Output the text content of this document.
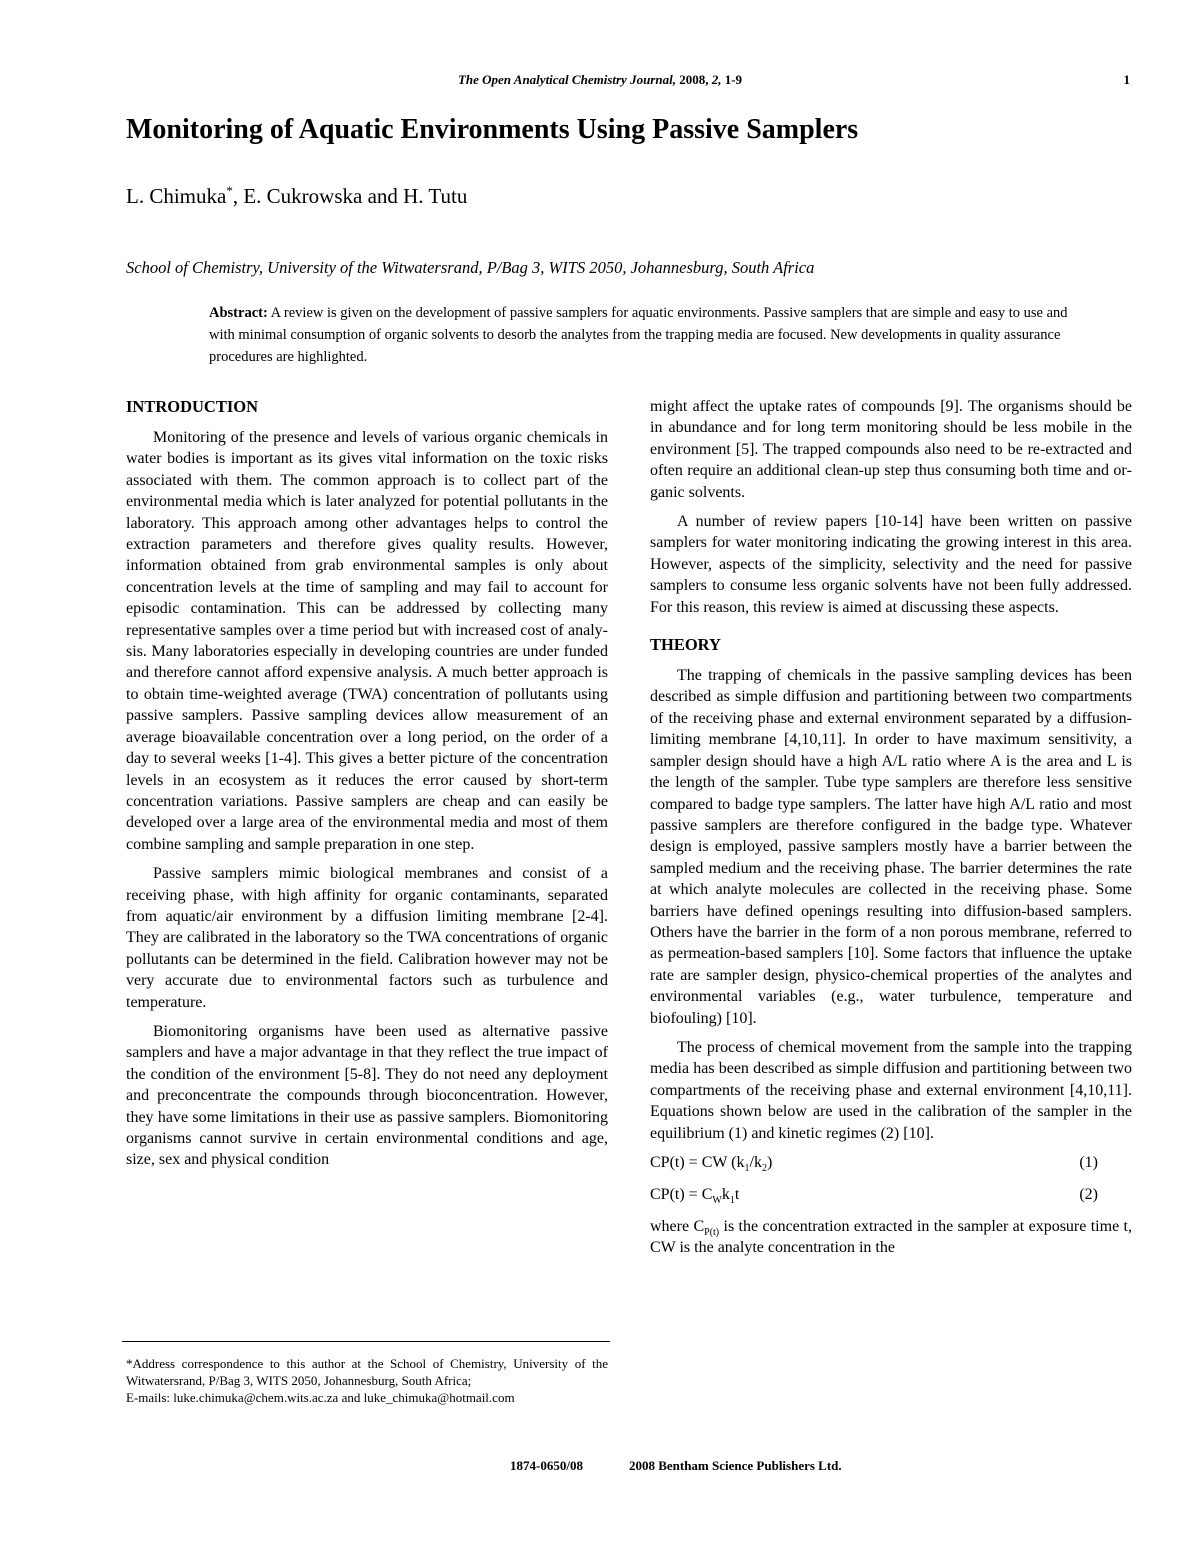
The Open Analytical Chemistry Journal, 2008, 2, 1-9	1
Monitoring of Aquatic Environments Using Passive Samplers
L. Chimuka*, E. Cukrowska and H. Tutu
School of Chemistry, University of the Witwatersrand, P/Bag 3, WITS 2050, Johannesburg, South Africa
Abstract: A review is given on the development of passive samplers for aquatic environments. Passive samplers that are simple and easy to use and with minimal consumption of organic solvents to desorb the analytes from the trapping media are focused. New developments in quality assurance procedures are highlighted.
INTRODUCTION

Monitoring of the presence and levels of various organic chemicals in water bodies is important as its gives vital information on the toxic risks associated with them. The common approach is to collect part of the environmental media which is later analyzed for potential pollutants in the laboratory. This approach among other advantages helps to control the extraction parameters and therefore gives quality results. However, information obtained from grab environmental samples is only about concentration levels at the time of sampling and may fail to account for episodic contamination. This can be addressed by collecting many representative samples over a time period but with increased cost of analysis. Many laboratories especially in developing countries are under funded and therefore cannot afford expensive analysis. A much better approach is to obtain time-weighted average (TWA) concentration of pollutants using passive samplers. Passive sampling devices allow measurement of an average bioavailable concentration over a long period, on the order of a day to several weeks [1-4]. This gives a better picture of the concentration levels in an ecosystem as it reduces the error caused by short-term concentration variations. Passive samplers are cheap and can easily be developed over a large area of the environmental media and most of them combine sampling and sample preparation in one step.

Passive samplers mimic biological membranes and consist of a receiving phase, with high affinity for organic contaminants, separated from aquatic/air environment by a diffusion limiting membrane [2-4]. They are calibrated in the laboratory so the TWA concentrations of organic pollutants can be determined in the field. Calibration however may not be very accurate due to environmental factors such as turbulence and temperature.

Biomonitoring organisms have been used as alternative passive samplers and have a major advantage in that they reflect the true impact of the condition of the environment [5-8]. They do not need any deployment and preconcentrate the compounds through bioconcentration. However, they have some limitations in their use as passive samplers. Biomonitoring organisms cannot survive in certain environmental conditions and age, size, sex and physical condition

*Address correspondence to this author at the School of Chemistry, University of the Witwatersrand, P/Bag 3, WITS 2050, Johannesburg, South Africa;
E-mails: luke.chimuka@chem.wits.ac.za and luke_chimuka@hotmail.com

might affect the uptake rates of compounds [9]. The organisms should be in abundance and for long term monitoring should be less mobile in the environment [5]. The trapped compounds also need to be re-extracted and often require an additional clean-up step thus consuming both time and organic solvents.

A number of review papers [10-14] have been written on passive samplers for water monitoring indicating the growing interest in this area. However, aspects of the simplicity, selectivity and the need for passive samplers to consume less organic solvents have not been fully addressed. For this reason, this review is aimed at discussing these aspects.

THEORY

The trapping of chemicals in the passive sampling devices has been described as simple diffusion and partitioning between two compartments of the receiving phase and external environment separated by a diffusion-limiting membrane [4,10,11]. In order to have maximum sensitivity, a sampler design should have a high A/L ratio where A is the area and L is the length of the sampler. Tube type samplers are therefore less sensitive compared to badge type samplers. The latter have high A/L ratio and most passive samplers are therefore configured in the badge type. Whatever design is employed, passive samplers mostly have a barrier between the sampled medium and the receiving phase. The barrier determines the rate at which analyte molecules are collected in the receiving phase. Some barriers have defined openings resulting into diffusion-based samplers. Others have the barrier in the form of a non porous membrane, referred to as permeation-based samplers [10]. Some factors that influence the uptake rate are sampler design, physico-chemical properties of the analytes and environmental variables (e.g., water turbulence, temperature and biofouling) [10].

The process of chemical movement from the sample into the trapping media has been described as simple diffusion and partitioning between two compartments of the receiving phase and external environment [4,10,11]. Equations shown below are used in the calibration of the sampler in the equilibrium (1) and kinetic regimes (2) [10].

CP(t) = CW $(k_1/k_2)$	(1)
$CP(t) = C_Wk_1t$	(2)

where $C_{P(t)}$ is the concentration extracted in the sampler at exposure time t, CW is the analyte concentration in the

1874-0650/08	2008 Bentham Science Publishers Ltd.
